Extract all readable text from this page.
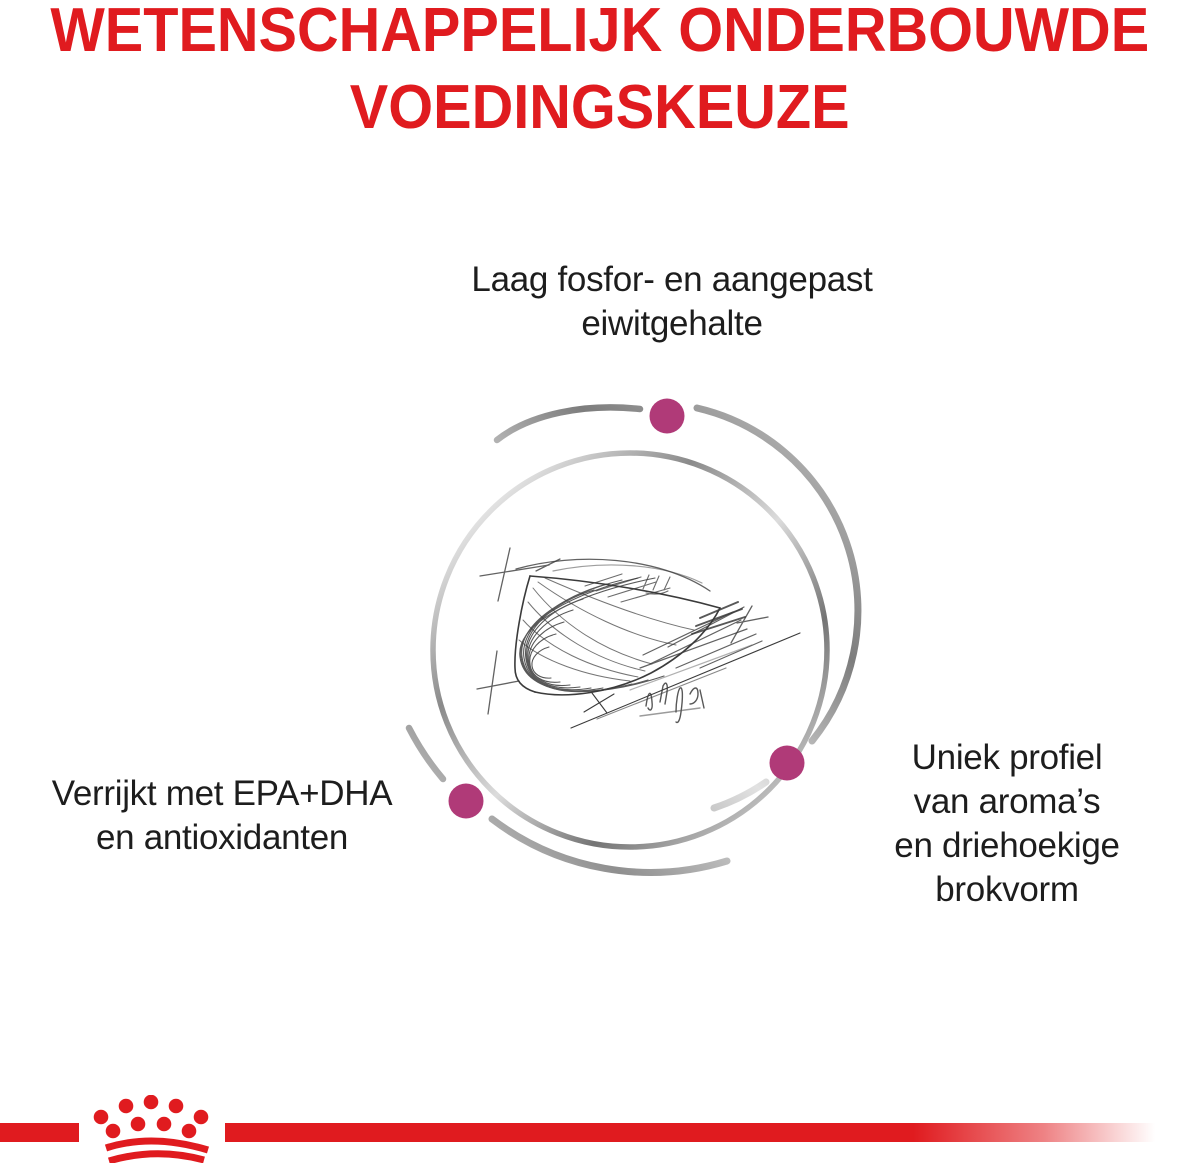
WETENSCHAPPELIJK ONDERBOUWDE
VOEDINGSKEUZE
Laag fosfor- en aangepast
eiwitgehalte
Verrijkt met EPA+DHA
en antioxidanten
Uniek profiel
van aroma’s
en driehoekige
brokvorm
